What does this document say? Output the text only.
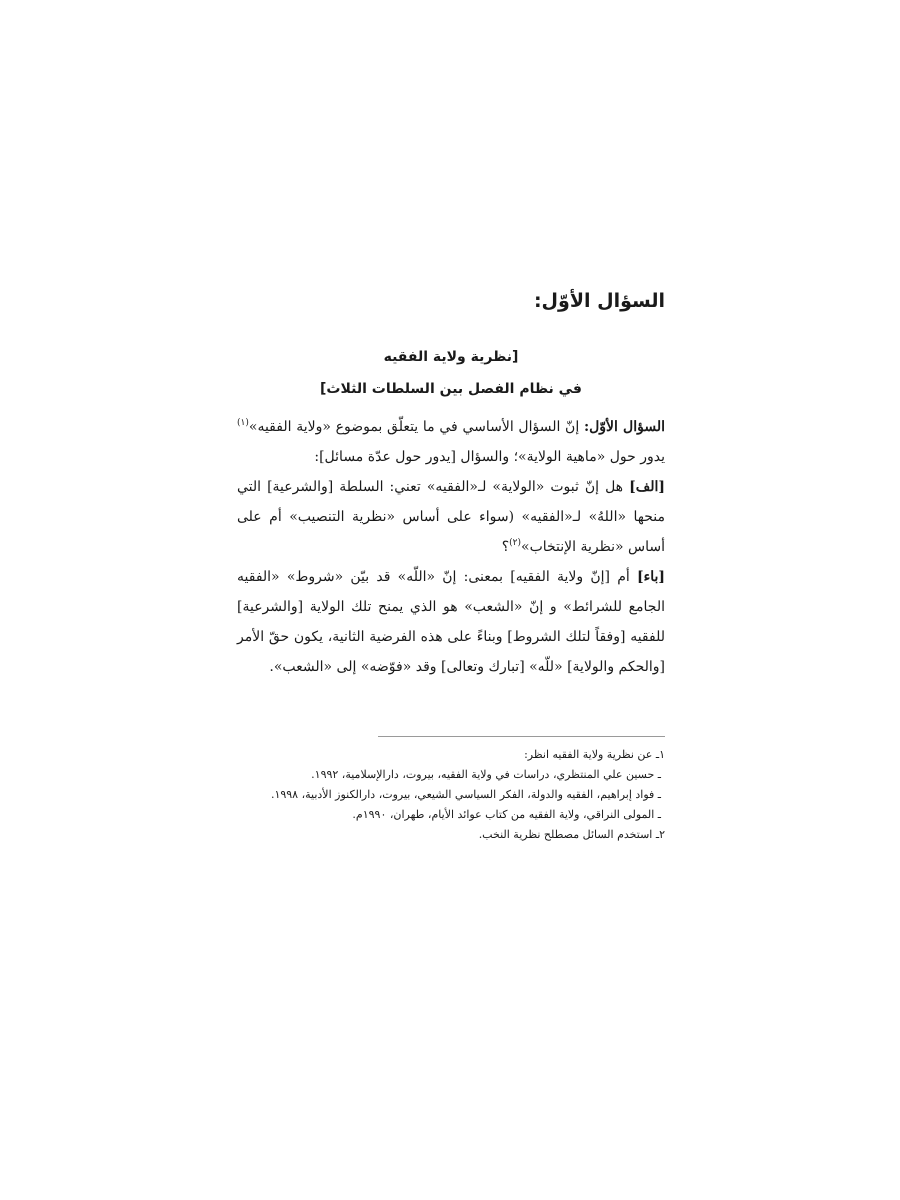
السؤال الأوّل:
[نظرية ولاية الفقيه
في نظام الفصل بين السلطات الثلاث]

السؤال الأوّل: إنّ السؤال الأساسي في ما يتعلّق بموضوع «ولاية الفقيه»$^{(١)}$ يدور حول «ماهية الولاية»؛ والسؤال [يدور حول عدّة مسائل]:

[الف] هل إنّ ثبوت «الولاية» لـ«الفقيه» تعني: السلطة [والشرعية] التي منحها «اللهُ» لـ«الفقيه» (سواء على أساس «نظرية التنصيب» أم على أساس «نظرية الإنتخاب»$^{(٢)}$؟

[باء] أم [إنّ ولاية الفقيه] بمعنى: إنّ «اللّه» قد بيّن «شروط» «الفقيه الجامع للشرائط» و إنّ «الشعب» هو الذي يمنح تلك الولاية [والشرعية] للفقيه [وفقاً لتلك الشروط] وبناءً على هذه الفرضية الثانية، يكون حقّ الأمر [والحكم والولاية] «للّه» [تبارك وتعالى] وقد «فوّضه» إلى «الشعب».

١ـ عن نظرية ولاية الفقيه انظر:

ـ حسين علي المنتظري، دراسات في ولاية الفقيه، بيروت، دارالإسلامية، ١٩٩٢.

ـ فواد إبراهيم، الفقيه والدولة، الفكر السياسي الشيعي، بيروت، دارالكنوز الأدبية، ١٩٩٨.

ـ المولى النراقي، ولاية الفقيه من كتاب عوائد الأيام، طهران، ١٩٩٠م.

٢ـ استخدم السائل مصطلح نظرية النخب.
